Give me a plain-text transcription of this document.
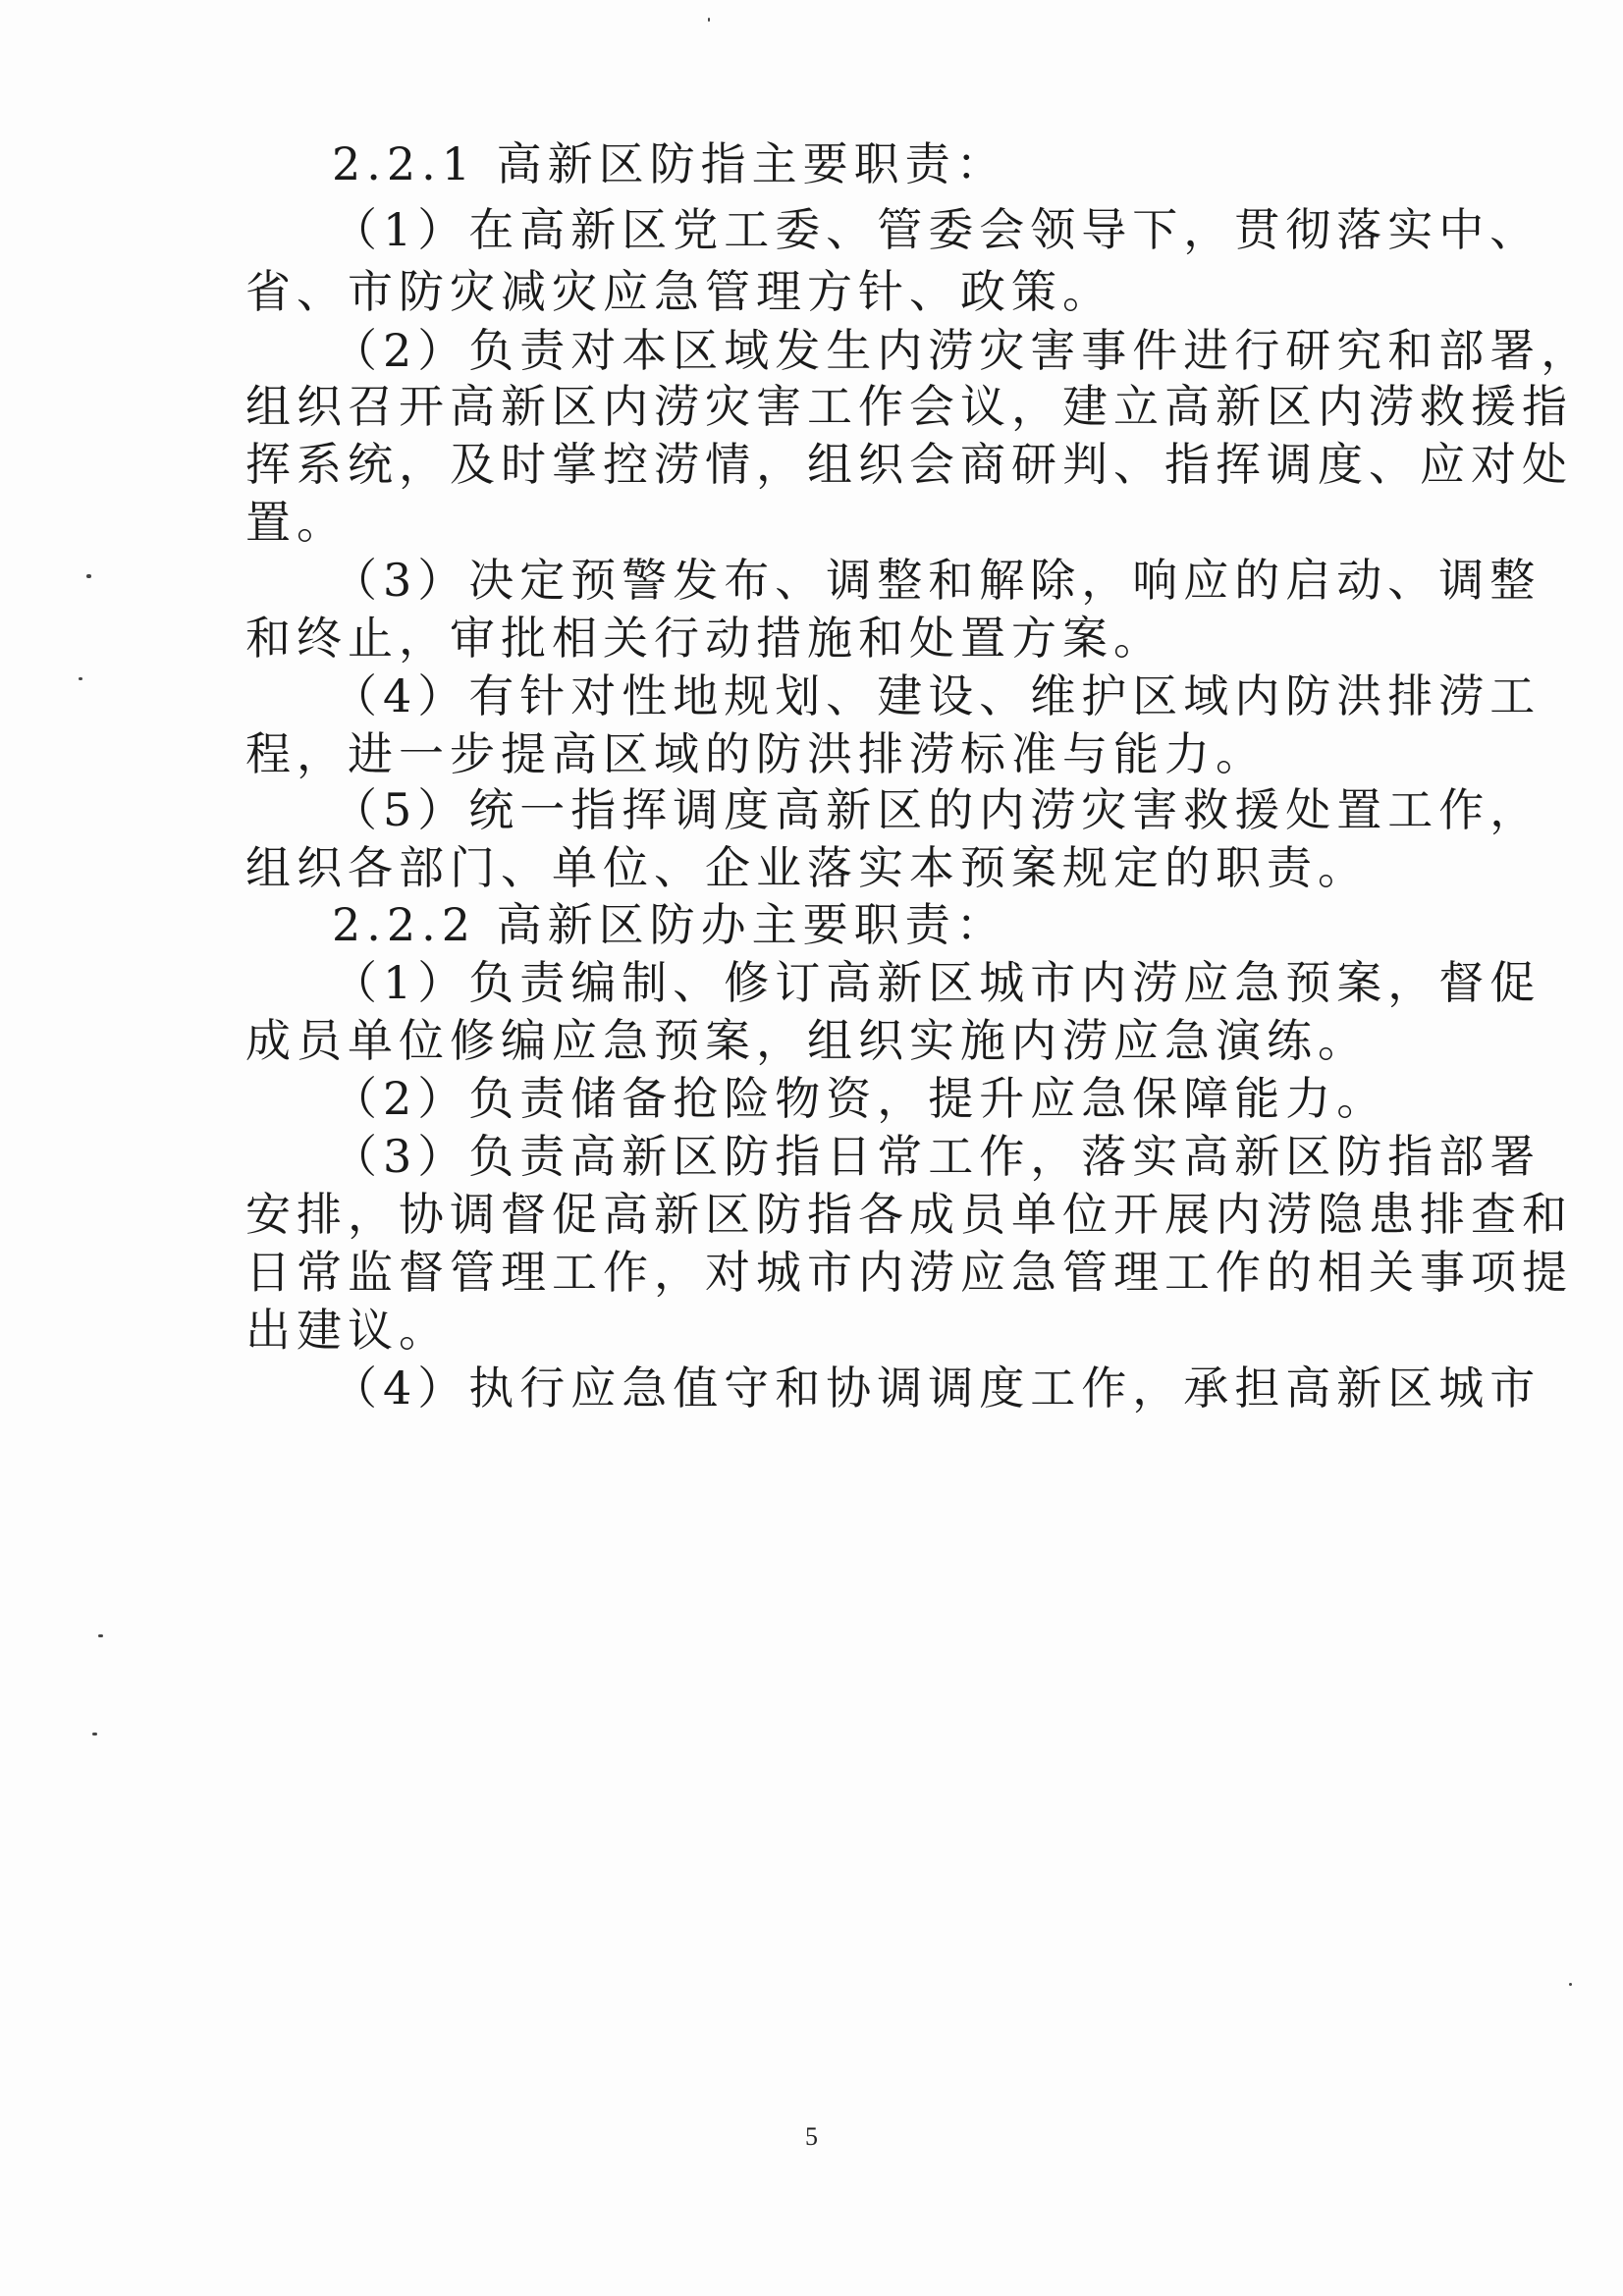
2.2.1 高新区防指主要职责：
（1）在高新区党工委、管委会领导下，贯彻落实中、
省、市防灾减灾应急管理方针、政策。
（2）负责对本区域发生内涝灾害事件进行研究和部署，
组织召开高新区内涝灾害工作会议，建立高新区内涝救援指
挥系统，及时掌控涝情，组织会商研判、指挥调度、应对处
置。
（3）决定预警发布、调整和解除，响应的启动、调整
和终止，审批相关行动措施和处置方案。
（4）有针对性地规划、建设、维护区域内防洪排涝工
程，进一步提高区域的防洪排涝标准与能力。
（5）统一指挥调度高新区的内涝灾害救援处置工作，
组织各部门、单位、企业落实本预案规定的职责。
2.2.2 高新区防办主要职责：
（1）负责编制、修订高新区城市内涝应急预案，督促
成员单位修编应急预案，组织实施内涝应急演练。
（2）负责储备抢险物资，提升应急保障能力。
（3）负责高新区防指日常工作，落实高新区防指部署
安排，协调督促高新区防指各成员单位开展内涝隐患排查和
日常监督管理工作，对城市内涝应急管理工作的相关事项提
出建议。
（4）执行应急值守和协调调度工作，承担高新区城市
5
